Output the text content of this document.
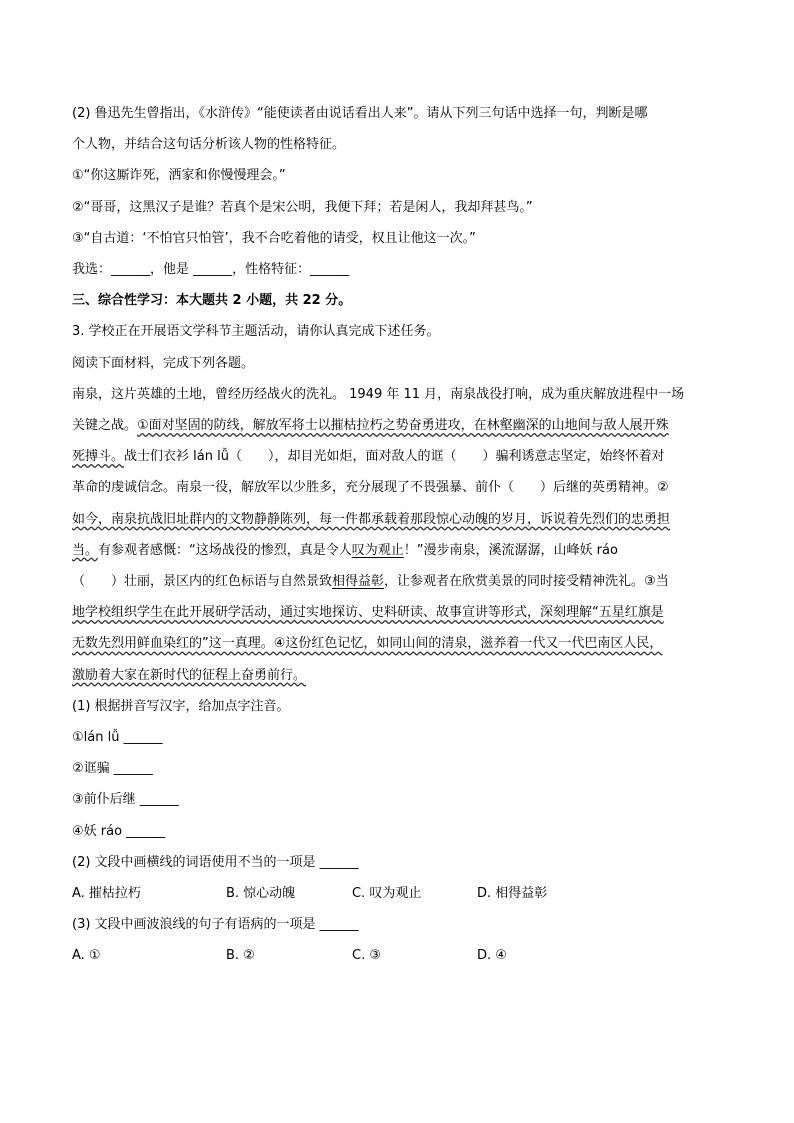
(2) 鲁迅先生曾指出，《水浒传》“能使读者由说话看出人来”。请从下列三句话中选择一句，判断是哪
个人物，并结合这句话分析该人物的性格特征。
①“你这厮诈死，洒家和你慢慢理会。”
②“哥哥，这黑汉子是谁？若真个是宋公明，我便下拜；若是闲人，我却拜甚鸟。”
③“自古道：‘不怕官只怕管’，我不合吃着他的请受，权且让他这一次。”
我选：______，他是 ______，性格特征：______
三、综合性学习：本大题共 2 小题，共 22 分。
3. 学校正在开展语文学科节主题活动，请你认真完成下述任务。
阅读下面材料，完成下列各题。
南泉，这片英雄的土地，曾经历经战火的洗礼。 1949 年 11 月，南泉战役打响，成为重庆解放进程中一场
关键之战。①面对坚固的防线，解放军将士以摧枯拉朽之势奋勇进攻，在林壑幽深的山地间与敌人展开殊
死搏斗。战士们衣衫 lán lǚ（　　），却目光如炬，面对敌人的诓（　　）骗利诱意志坚定，始终怀着对
革命的虔诚信念。南泉一役，解放军以少胜多，充分展现了不畏强暴、前仆（　　）后继的英勇精神。②
如今，南泉抗战旧址群内的文物静静陈列，每一件都承载着那段惊心动魄的岁月，诉说着先烈们的忠勇担
当。有参观者感慨：“这场战役的惨烈，真是令人叹为观止！”漫步南泉，溪流潺潺，山峰妖 ráo
（　　）壮丽，景区内的红色标语与自然景致相得益彰，让参观者在欣赏美景的同时接受精神洗礼。③当
地学校组织学生在此开展研学活动，通过实地探访、史料研读、故事宣讲等形式，深刻理解“五星红旗是
无数先烈用鲜血染红的”这一真理。④这份红色记忆，如同山间的清泉，滋养着一代又一代巴南区人民，
激励着大家在新时代的征程上奋勇前行。
(1) 根据拼音写汉字，给加点字注音。
①lán lǚ ______
②诓骗 ______
③前仆后继 ______
④妖 ráo ______
(2) 文段中画横线的词语使用不当的一项是 ______
A. 摧枯拉朽	B. 惊心动魄	C. 叹为观止	D. 相得益彰
(3) 文段中画波浪线的句子有语病的一项是 ______
A. ①	B. ②	C. ③	D. ④
